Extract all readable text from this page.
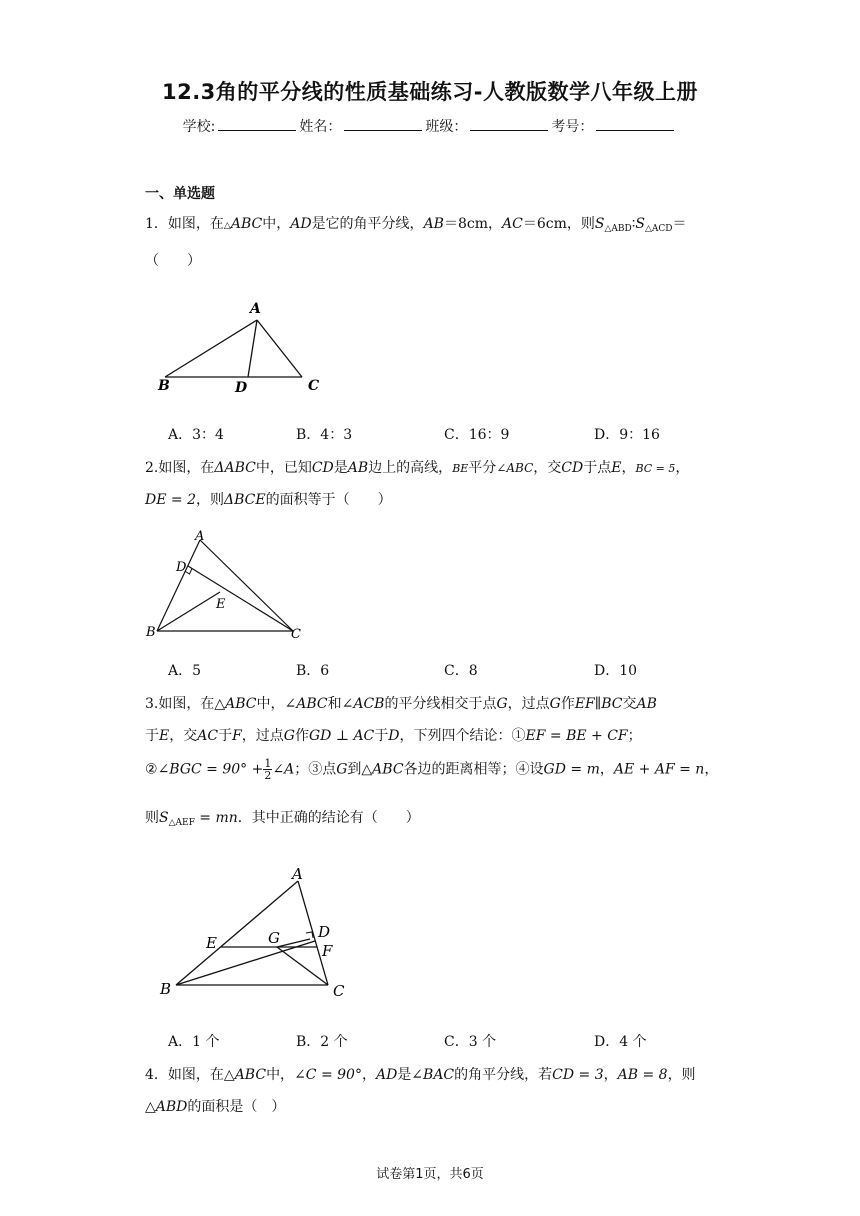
12.3角的平分线的性质基础练习-人教版数学八年级上册
学校:	姓名：	班级：	考号：
一、单选题
1．如图，在△ABC中，AD是它的角平分线，AB＝8cm，AC＝6cm，则$S_{\triangle ABD}∶S_{\triangle ACD}=$
（　　）
A
B	D	C
A．3：4	B．4：3	C．16：9	D．9：16
2.如图，在ΔABC中，已知CD是AB边上的高线，BE平分∠ABC，交CD于点E，BC = 5，
DE = 2，则ΔBCE的面积等于（　　）
A
D
E
B	C
A．5	B．6	C．8	D．10
3.如图，在△ABC中，∠ABC和∠ACB的平分线相交于点G，过点G作EF∥BC交AB
于E，交AC于F，过点G作GD ⊥ AC于D，下列四个结论：①EF = BE + CF；
②∠BGC = $90^\circ + \frac{1}{2}$ ∠A；③点G到△ABC各边的距离相等；④设GD = m，AE + AF = n，
则$S_{\triangle AEF}$ = mn．其中正确的结论有（　　）
A
D
E	G
F
B	C
A．1 个	B．2 个	C．3 个	D．4 个
4．如图，在△ABC中，∠C = 90°，AD是∠BAC的角平分线，若CD = 3，AB = 8，则
△ABD的面积是（　）
试卷第1页，共6页
